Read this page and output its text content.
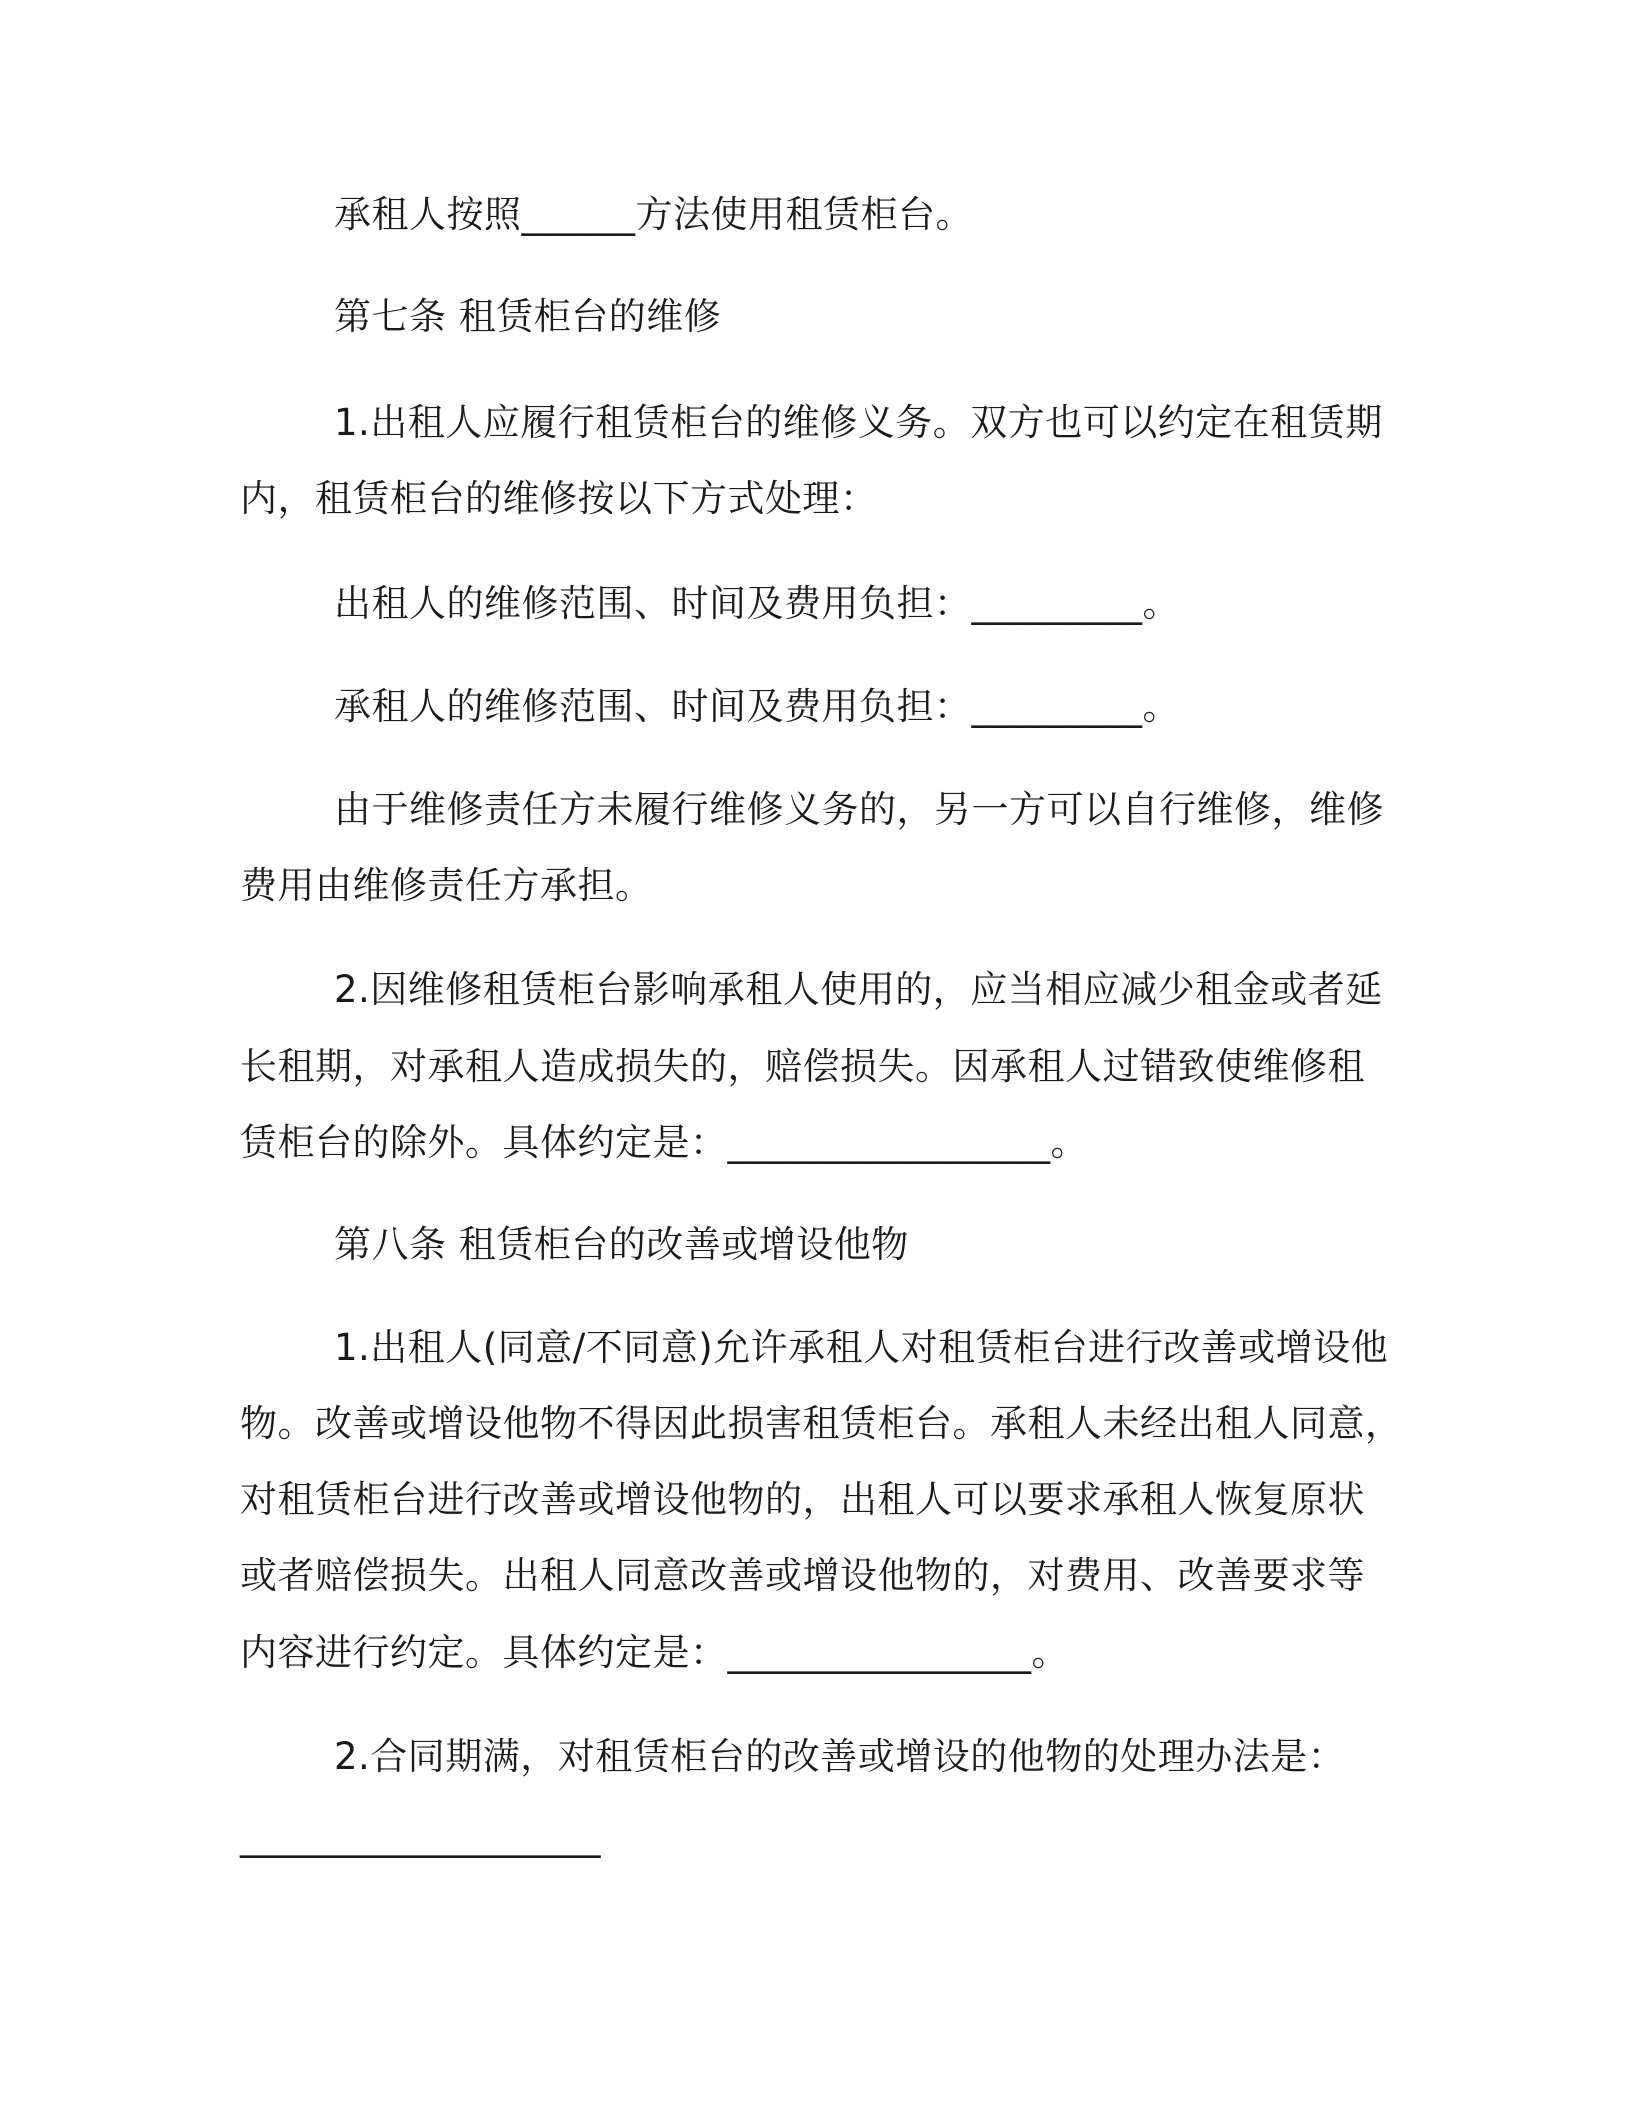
承租人按照______方法使用租赁柜台。
第七条 租赁柜台的维修
1.出租人应履行租赁柜台的维修义务。双方也可以约定在租赁期
内，租赁柜台的维修按以下方式处理：
出租人的维修范围、时间及费用负担：_________。
承租人的维修范围、时间及费用负担：_________。
由于维修责任方未履行维修义务的，另一方可以自行维修，维修
费用由维修责任方承担。
2.因维修租赁柜台影响承租人使用的，应当相应减少租金或者延
长租期，对承租人造成损失的，赔偿损失。因承租人过错致使维修租
赁柜台的除外。具体约定是：_________________。
第八条 租赁柜台的改善或增设他物
1.出租人(同意/不同意)允许承租人对租赁柜台进行改善或增设他
物。改善或增设他物不得因此损害租赁柜台。承租人未经出租人同意，
对租赁柜台进行改善或增设他物的，出租人可以要求承租人恢复原状
或者赔偿损失。出租人同意改善或增设他物的，对费用、改善要求等
内容进行约定。具体约定是：________________。
2.合同期满，对租赁柜台的改善或增设的他物的处理办法是：
___________________
